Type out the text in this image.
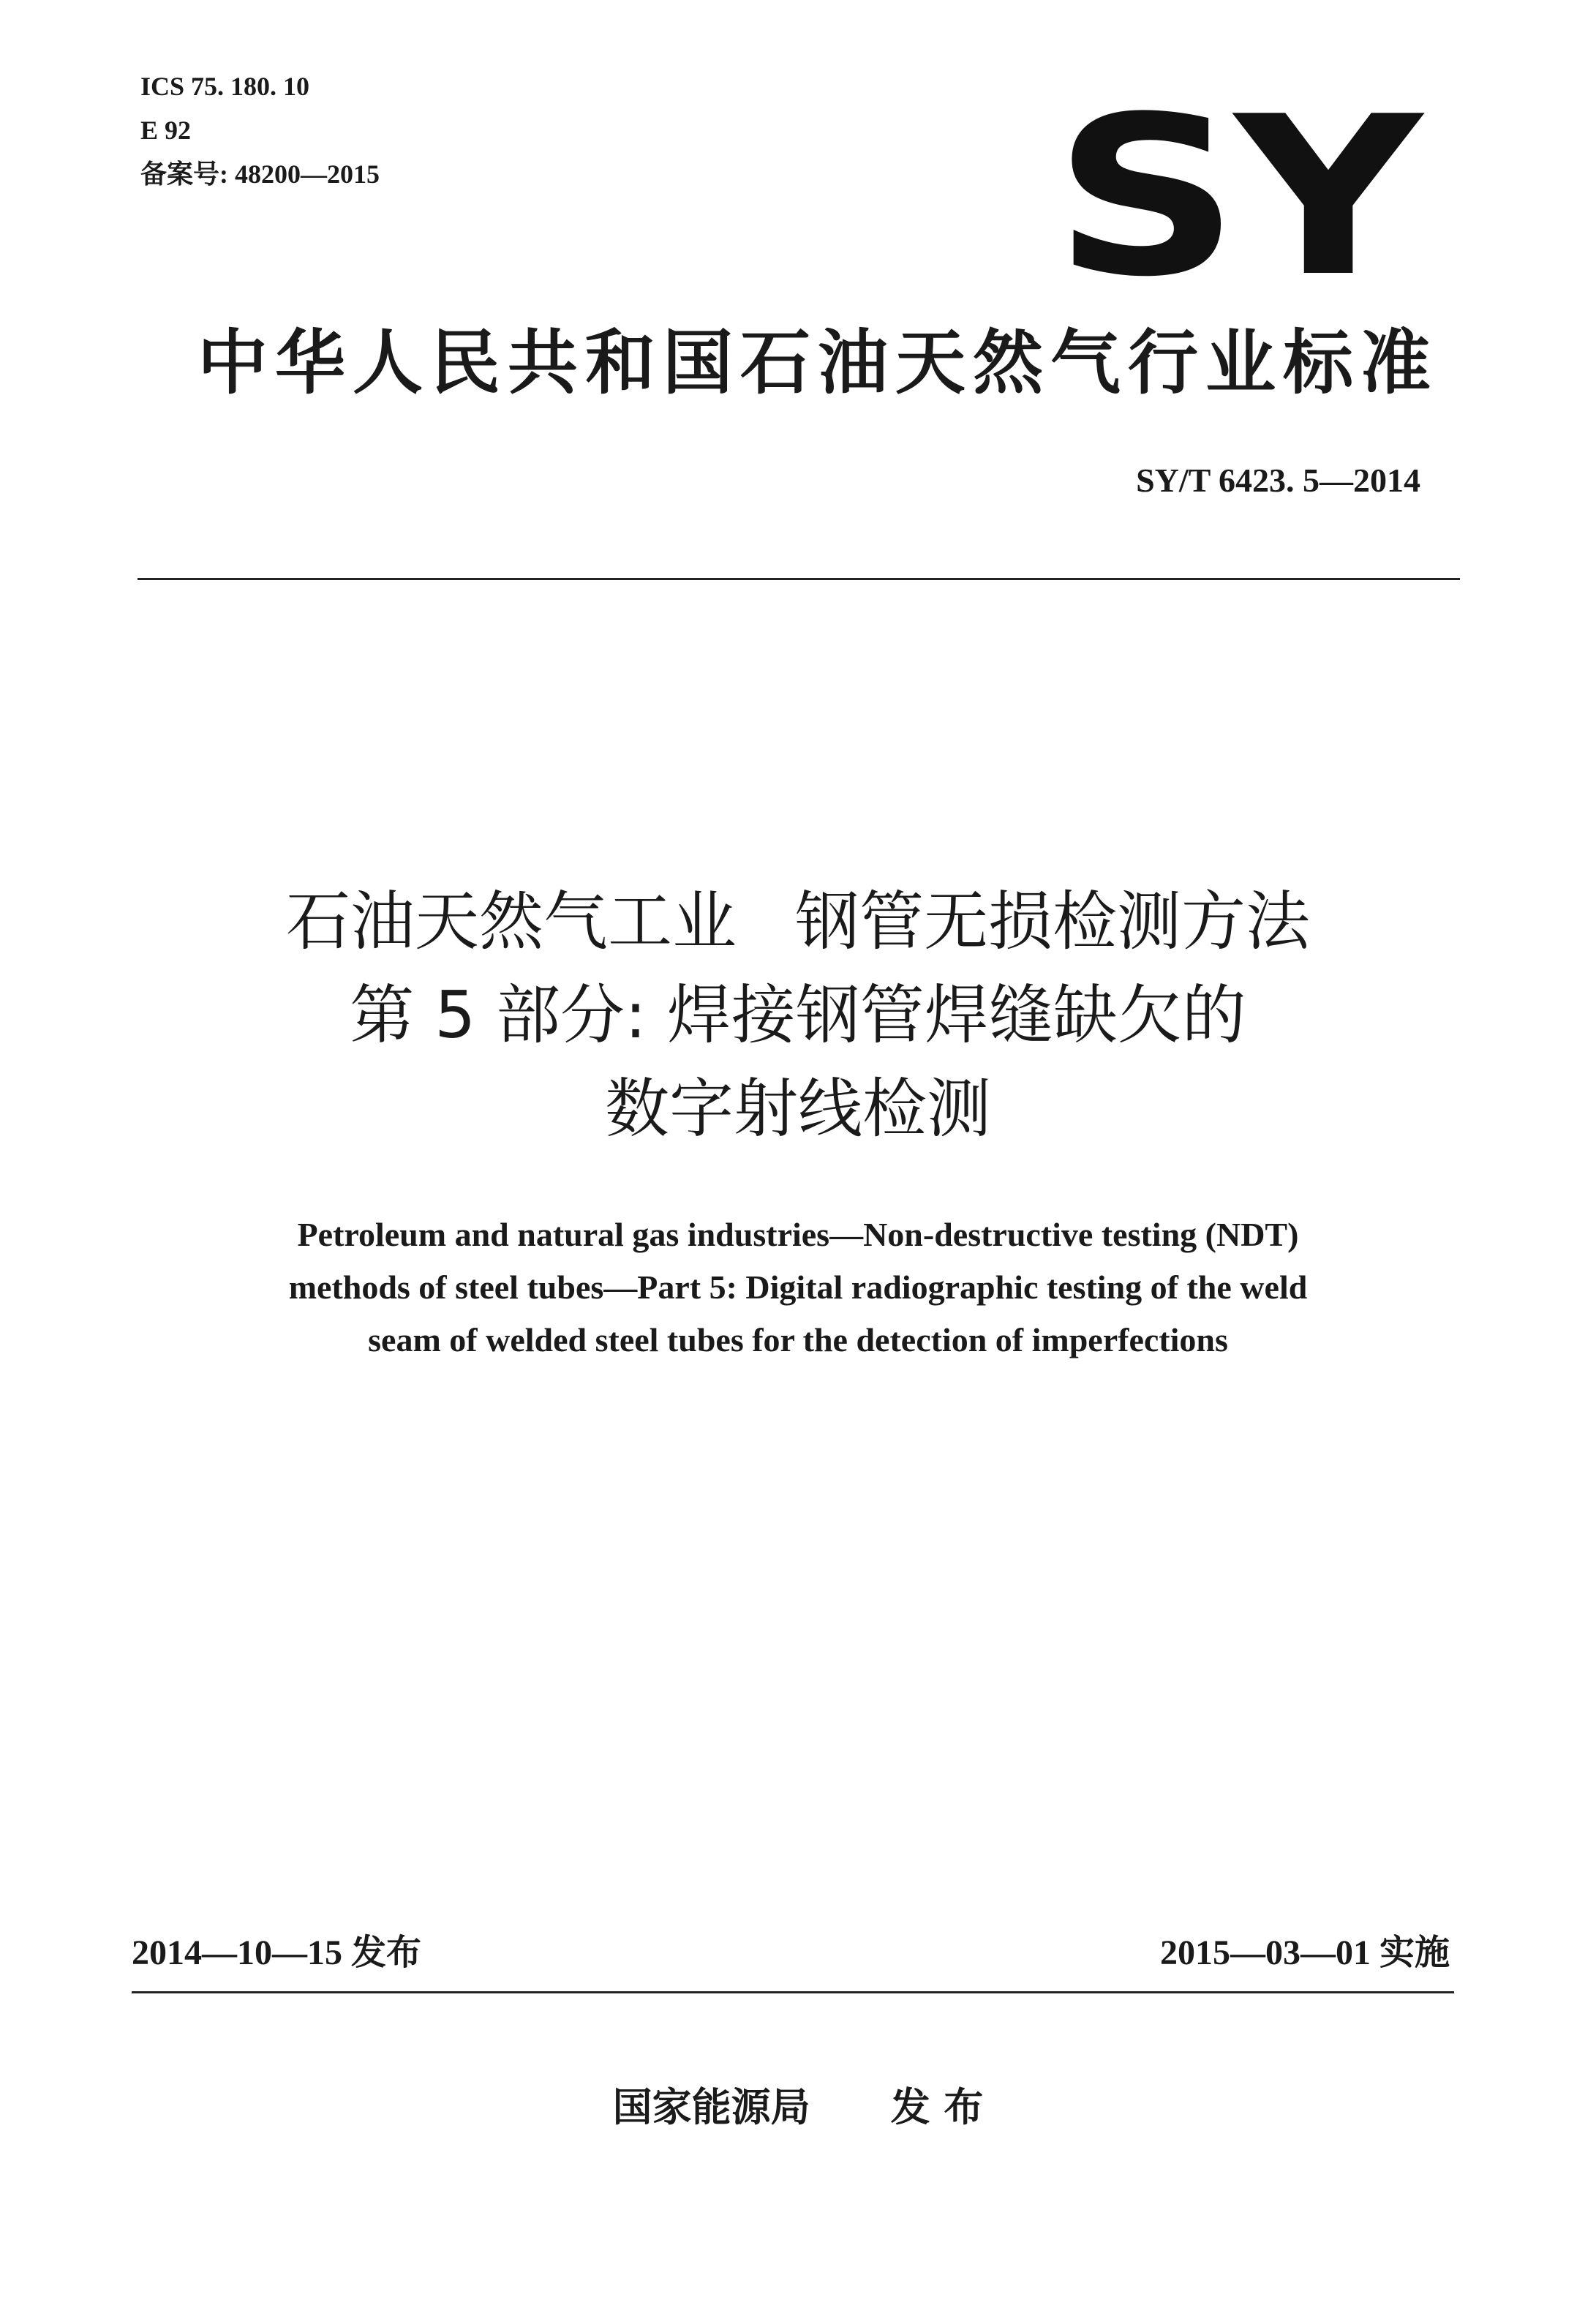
ICS 75. 180. 10
E 92
备案号: 48200—2015	SY
中华人民共和国石油天然气行业标准
SY/T 6423. 5—2014
石油天然气工业 钢管无损检测方法
第 5 部分: 焊接钢管焊缝缺欠的
数字射线检测
Petroleum and natural gas industries—Non-destructive testing (NDT)
methods of steel tubes—Part 5: Digital radiographic testing of the weld
seam of welded steel tubes for the detection of imperfections
2014—10—15 发布	2015—03—01 实施
国家能源局 发 布
